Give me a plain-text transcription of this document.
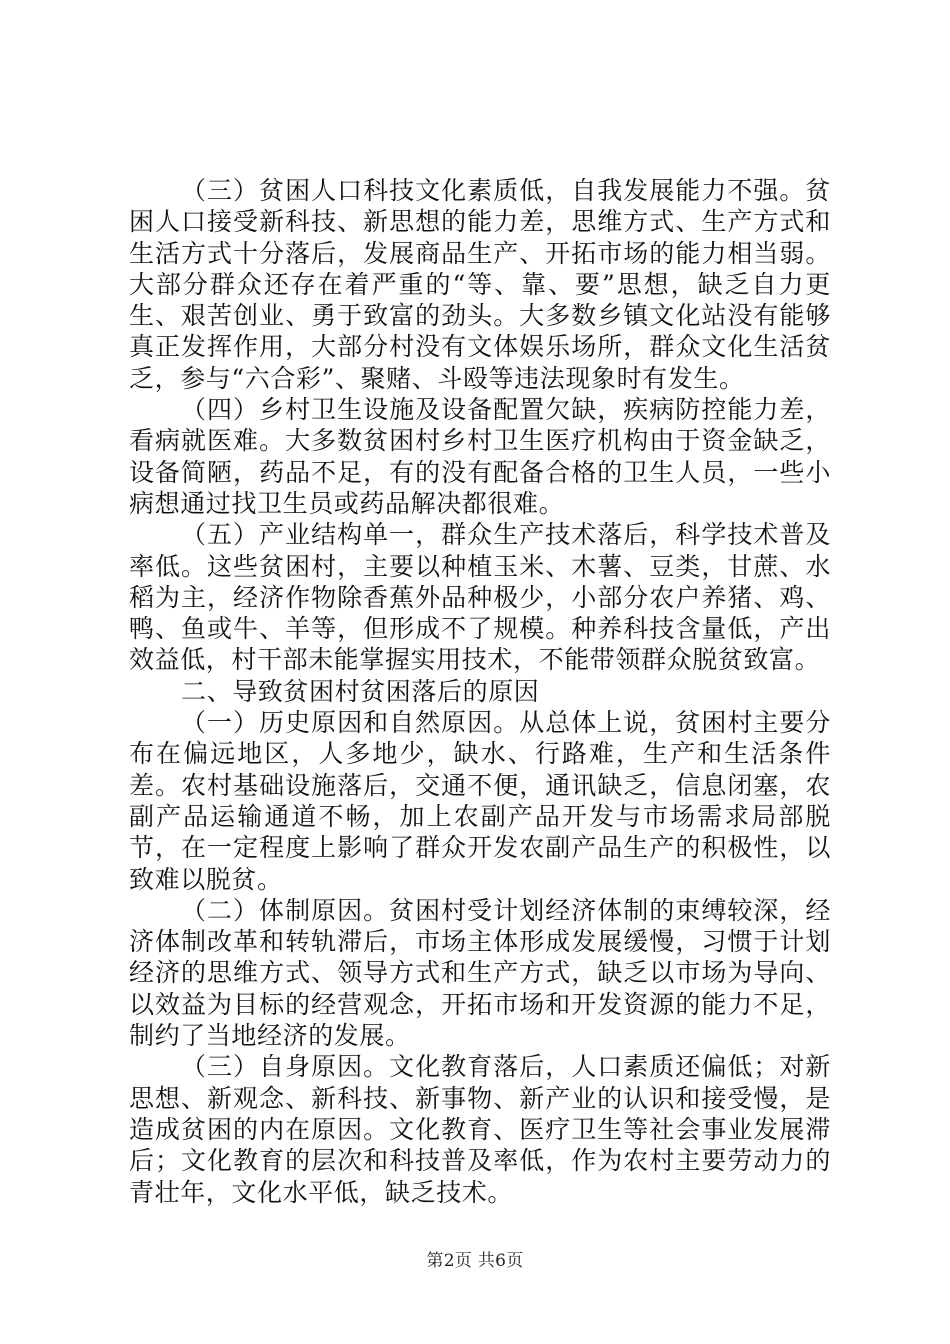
（三）贫困人口科技文化素质低，自我发展能力不强。贫困人口接受新科技、新思想的能力差，思维方式、生产方式和生活方式十分落后，发展商品生产、开拓市场的能力相当弱。大部分群众还存在着严重的“等、靠、要”思想，缺乏自力更生、艰苦创业、勇于致富的劲头。大多数乡镇文化站没有能够真正发挥作用，大部分村没有文体娱乐场所，群众文化生活贫乏，参与“六合彩”、聚赌、斗殴等违法现象时有发生。

（四）乡村卫生设施及设备配置欠缺，疾病防控能力差，看病就医难。大多数贫困村乡村卫生医疗机构由于资金缺乏，设备简陋，药品不足，有的没有配备合格的卫生人员，一些小病想通过找卫生员或药品解决都很难。

（五）产业结构单一，群众生产技术落后，科学技术普及率低。这些贫困村，主要以种植玉米、木薯、豆类，甘蔗、水稻为主，经济作物除香蕉外品种极少，小部分农户养猪、鸡、鸭、鱼或牛、羊等，但形成不了规模。种养科技含量低，产出效益低，村干部未能掌握实用技术，不能带领群众脱贫致富。

二、导致贫困村贫困落后的原因

（一）历史原因和自然原因。从总体上说，贫困村主要分布在偏远地区，人多地少，缺水、行路难，生产和生活条件差。农村基础设施落后，交通不便，通讯缺乏，信息闭塞，农副产品运输通道不畅，加上农副产品开发与市场需求局部脱节，在一定程度上影响了群众开发农副产品生产的积极性，以致难以脱贫。

（二）体制原因。贫困村受计划经济体制的束缚较深，经济体制改革和转轨滞后，市场主体形成发展缓慢，习惯于计划经济的思维方式、领导方式和生产方式，缺乏以市场为导向、以效益为目标的经营观念，开拓市场和开发资源的能力不足，制约了当地经济的发展。

（三）自身原因。文化教育落后，人口素质还偏低；对新思想、新观念、新科技、新事物、新产业的认识和接受慢，是造成贫困的内在原因。文化教育、医疗卫生等社会事业发展滞后；文化教育的层次和科技普及率低，作为农村主要劳动力的青壮年，文化水平低，缺乏技术。

第2页 共6页
